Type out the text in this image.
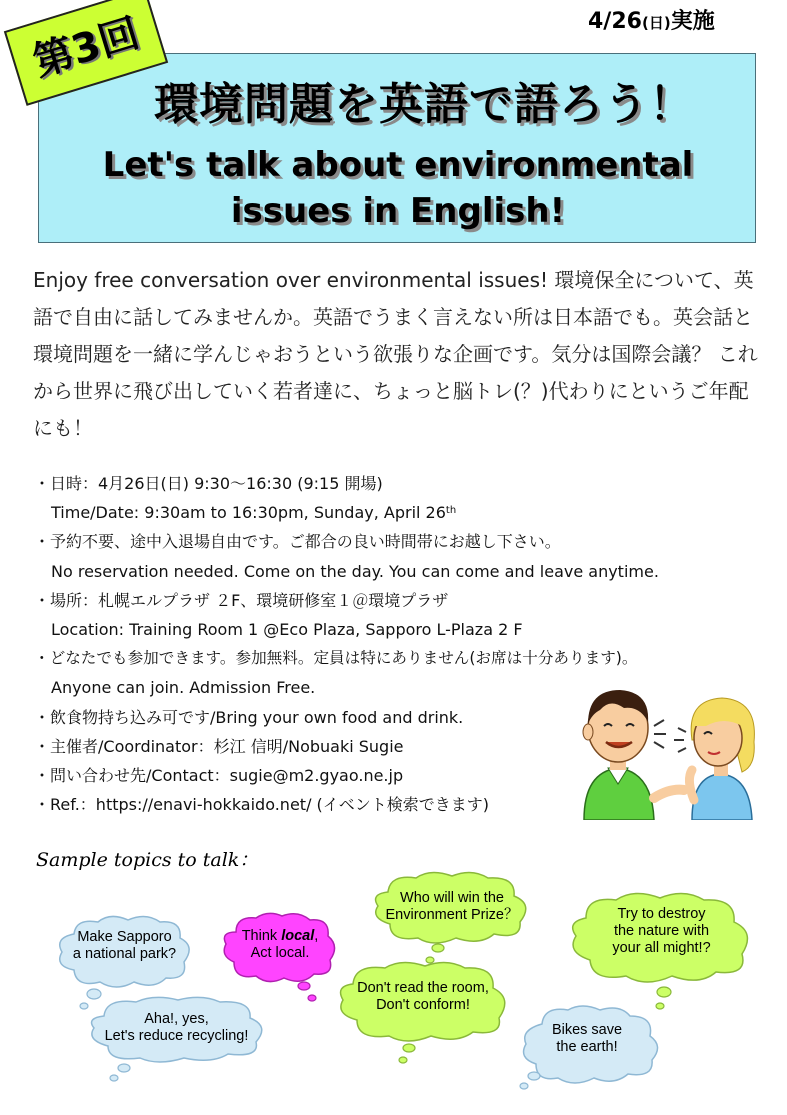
4/26(日)実施
環境問題を英語で語ろう！
Let's talk about environmental
issues in English!
第3回
Enjoy free conversation over environmental issues! 環境保全について、英語で自由に話してみませんか。英語でうまく言えない所は日本語でも。英会話と環境問題を一緒に学んじゃおうという欲張りな企画です。気分は国際会議？ これから世界に飛び出していく若者達に、ちょっと脳トレ(？)代わりにというご年配にも！
・日時：4月26日(日) 9:30〜16:30 (9:15 開場)
Time/Date: 9:30am to 16:30pm, Sunday, April 26th
・予約不要、途中入退場自由です。ご都合の良い時間帯にお越し下さい。
No reservation needed. Come on the day. You can come and leave anytime.
・場所：札幌エルプラザ ２F、環境研修室１＠環境プラザ
Location: Training Room 1 @Eco Plaza, Sapporo L-Plaza 2 F
・どなたでも参加できます。参加無料。定員は特にありません(お席は十分あります)。
Anyone can join. Admission Free.
・飲食物持ち込み可です/Bring your own food and drink.
・主催者/Coordinator：杉江 信明/Nobuaki Sugie
・問い合わせ先/Contact：sugie@m2.gyao.ne.jp
・Ref.：https://enavi-hokkaido.net/ (イベント検索できます)
Sample topics to talk：
Make Sapporo
a national park?
Think local,
Act local.
Who will win the
Environment Prize？	Try to destroy
the nature with
your all might!?
Don't read the room,
Don't conform!
Aha!, yes,
Let's reduce recycling!	Bikes save
the earth!
